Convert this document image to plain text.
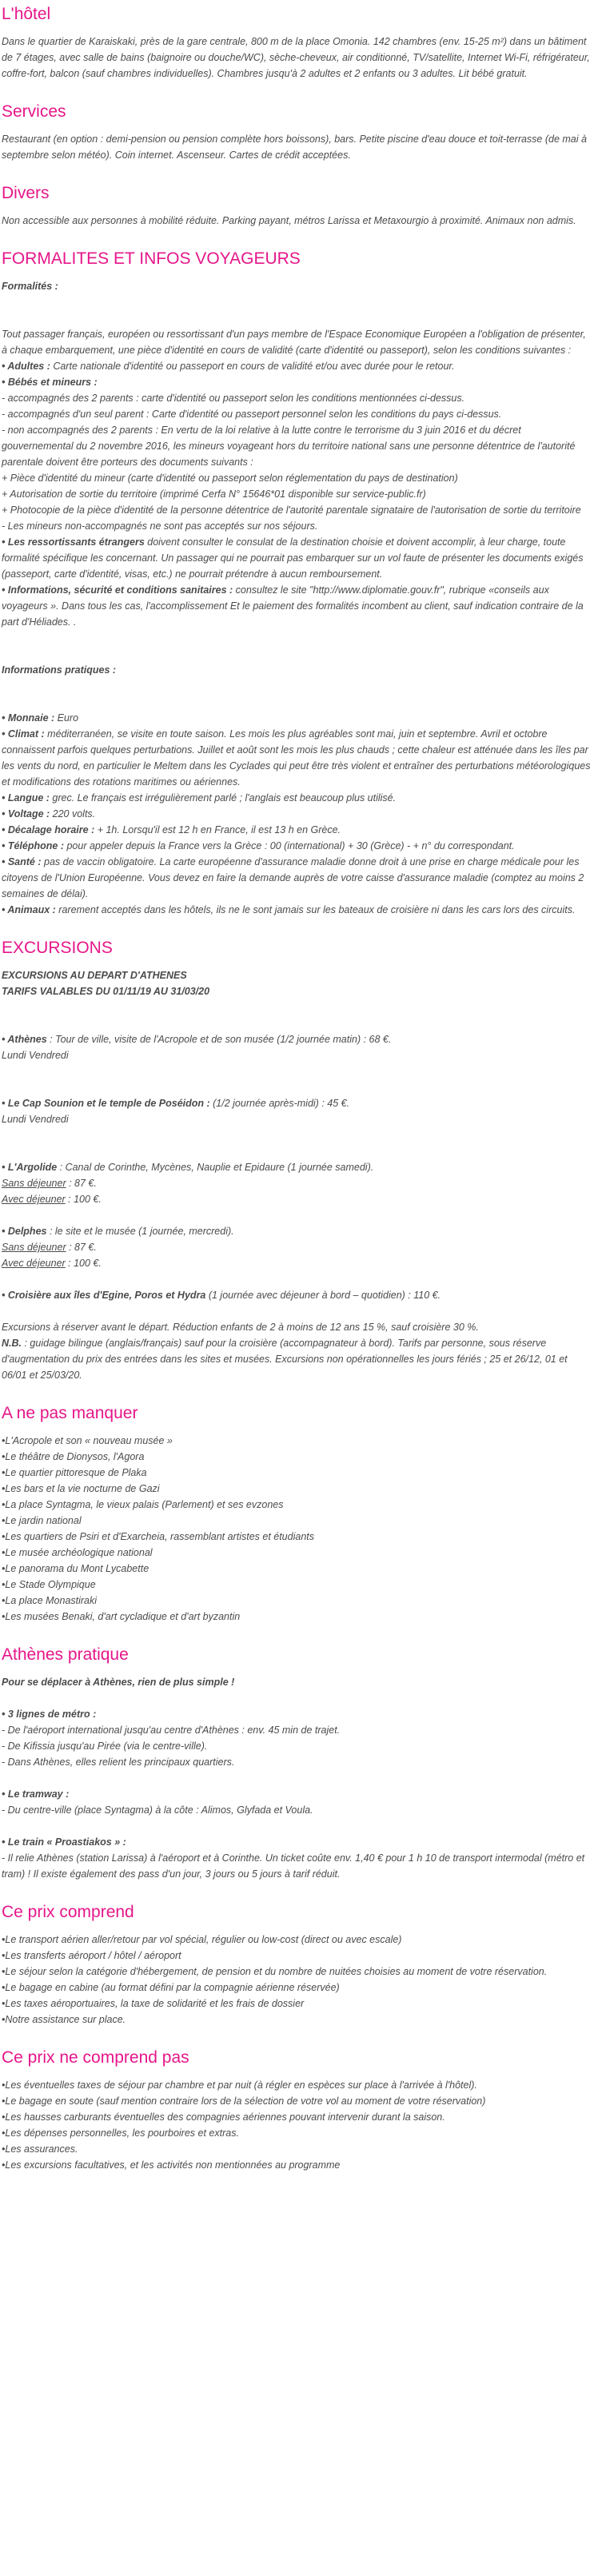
L'hôtel

Dans le quartier de Karaiskaki, près de la gare centrale, 800 m de la place Omonia. 142 chambres (env. 15-25 m²) dans un bâtiment de 7 étages, avec salle de bains (baignoire ou douche/WC), sèche-cheveux, air conditionné, TV/satellite, Internet Wi-Fi, réfrigérateur, coffre-fort, balcon (sauf chambres individuelles). Chambres jusqu'à 2 adultes et 2 enfants ou 3 adultes. Lit bébé gratuit.

Services

Restaurant (en option : demi-pension ou pension complète hors boissons), bars. Petite piscine d'eau douce et toit-terrasse (de mai à septembre selon météo). Coin internet. Ascenseur. Cartes de crédit acceptées.

Divers

Non accessible aux personnes à mobilité réduite. Parking payant, métros Larissa et Metaxourgio à proximité. Animaux non admis.

FORMALITES ET INFOS VOYAGEURS

Formalités :

Tout passager français, européen ou ressortissant d'un pays membre de l'Espace Economique Européen a l'obligation de présenter, à chaque embarquement, une pièce d'identité en cours de validité (carte d'identité ou passeport), selon les conditions suivantes :

• Adultes : Carte nationale d'identité ou passeport en cours de validité et/ou avec durée pour le retour.

• Bébés et mineurs :

- accompagnés des 2 parents : carte d'identité ou passeport selon les conditions mentionnées ci-dessus.

- accompagnés d'un seul parent : Carte d'identité ou passeport personnel selon les conditions du pays ci-dessus.

- non accompagnés des 2 parents : En vertu de la loi relative à la lutte contre le terrorisme du 3 juin 2016 et du décret gouvernemental du 2 novembre 2016, les mineurs voyageant hors du territoire national sans une personne détentrice de l'autorité parentale doivent être porteurs des documents suivants :

+ Pièce d'identité du mineur (carte d'identité ou passeport selon réglementation du pays de destination)

+ Autorisation de sortie du territoire (imprimé Cerfa N° 15646*01 disponible sur service-public.fr)

+ Photocopie de la pièce d'identité de la personne détentrice de l'autorité parentale signataire de l'autorisation de sortie du territoire

- Les mineurs non-accompagnés ne sont pas acceptés sur nos séjours.

• Les ressortissants étrangers doivent consulter le consulat de la destination choisie et doivent accomplir, à leur charge, toute formalité spécifique les concernant. Un passager qui ne pourrait pas embarquer sur un vol faute de présenter les documents exigés (passeport, carte d'identité, visas, etc.) ne pourrait prétendre à aucun remboursement.

• Informations, sécurité et conditions sanitaires : consultez le site "http://www.diplomatie.gouv.fr", rubrique «conseils aux voyageurs ». Dans tous les cas, l'accomplissement Et le paiement des formalités incombent au client, sauf indication contraire de la part d'Héliades. .

Informations pratiques :

• Monnaie : Euro

• Climat : méditerranéen, se visite en toute saison. Les mois les plus agréables sont mai, juin et septembre. Avril et octobre connaissent parfois quelques perturbations. Juillet et août sont les mois les plus chauds ; cette chaleur est atténuée dans les îles par les vents du nord, en particulier le Meltem dans les Cyclades qui peut être très violent et entraîner des perturbations météorologiques et modifications des rotations maritimes ou aériennes.

• Langue : grec. Le français est irrégulièrement parlé ; l'anglais est beaucoup plus utilisé.

• Voltage : 220 volts.

• Décalage horaire : + 1h. Lorsqu'il est 12 h en France, il est 13 h en Grèce.

• Téléphone : pour appeler depuis la France vers la Grèce : 00 (international) + 30 (Grèce) - + n° du correspondant.

• Santé : pas de vaccin obligatoire. La carte européenne d'assurance maladie donne droit à une prise en charge médicale pour les citoyens de l'Union Européenne. Vous devez en faire la demande auprès de votre caisse d'assurance maladie (comptez au moins 2 semaines de délai).

• Animaux : rarement acceptés dans les hôtels, ils ne le sont jamais sur les bateaux de croisière ni dans les cars lors des circuits.

EXCURSIONS

EXCURSIONS AU DEPART D'ATHENES

TARIFS VALABLES DU 01/11/19 AU 31/03/20

• Athènes : Tour de ville, visite de l'Acropole et de son musée (1/2 journée matin) : 68 €.

Lundi Vendredi

• Le Cap Sounion et le temple de Poséidon : (1/2 journée après-midi) : 45 €.

Lundi Vendredi

• L'Argolide : Canal de Corinthe, Mycènes, Nauplie et Epidaure (1 journée samedi).

Sans déjeuner : 87 €.

Avec déjeuner : 100 €.

• Delphes : le site et le musée (1 journée, mercredi).

Sans déjeuner : 87 €.

Avec déjeuner : 100 €.

• Croisière aux îles d'Egine, Poros et Hydra (1 journée avec déjeuner à bord – quotidien) : 110 €.

Excursions à réserver avant le départ. Réduction enfants de 2 à moins de 12 ans 15 %, sauf croisière 30 %.

N.B. : guidage bilingue (anglais/français) sauf pour la croisière (accompagnateur à bord). Tarifs par personne, sous réserve d'augmentation du prix des entrées dans les sites et musées. Excursions non opérationnelles les jours fériés ; 25 et 26/12, 01 et 06/01 et 25/03/20.

A ne pas manquer

• L'Acropole et son « nouveau musée »

• Le théâtre de Dionysos, l'Agora

• Le quartier pittoresque de Plaka

• Les bars et la vie nocturne de Gazi

• La place Syntagma, le vieux palais (Parlement) et ses evzones

• Le jardin national

• Les quartiers de Psiri et d'Exarcheia, rassemblant artistes et étudiants

• Le musée archéologique national

• Le panorama du Mont Lycabette

• Le Stade Olympique

• La place Monastiraki

• Les musées Benaki, d'art cycladique et d'art byzantin

Athènes pratique

Pour se déplacer à Athènes, rien de plus simple !

• 3 lignes de métro :

- De l'aéroport international jusqu'au centre d'Athènes : env. 45 min de trajet.

- De Kifissia jusqu'au Pirée (via le centre-ville).

- Dans Athènes, elles relient les principaux quartiers.

• Le tramway :

- Du centre-ville (place Syntagma) à la côte : Alimos, Glyfada et Voula.

• Le train « Proastiakos » :

- Il relie Athènes (station Larissa) à l'aéroport et à Corinthe. Un ticket coûte env. 1,40 € pour 1 h 10 de transport intermodal (métro et tram) ! Il existe également des pass d'un jour, 3 jours ou 5 jours à tarif réduit.

Ce prix comprend

• Le transport aérien aller/retour par vol spécial, régulier ou low-cost (direct ou avec escale)

• Les transferts aéroport / hôtel / aéroport

• Le séjour selon la catégorie d'hébergement, de pension et du nombre de nuitées choisies au moment de votre réservation.

• Le bagage en cabine (au format défini par la compagnie aérienne réservée)

• Les taxes aéroportuaires, la taxe de solidarité et les frais de dossier

• Notre assistance sur place.

Ce prix ne comprend pas

• Les éventuelles taxes de séjour par chambre et par nuit (à régler en espèces sur place à l'arrivée à l'hôtel).

• Le bagage en soute (sauf mention contraire lors de la sélection de votre vol au moment de votre réservation)

• Les hausses carburants éventuelles des compagnies aériennes pouvant intervenir durant la saison.

• Les dépenses personnelles, les pourboires et extras.

• Les assurances.

• Les excursions facultatives, et les activités non mentionnées au programme
